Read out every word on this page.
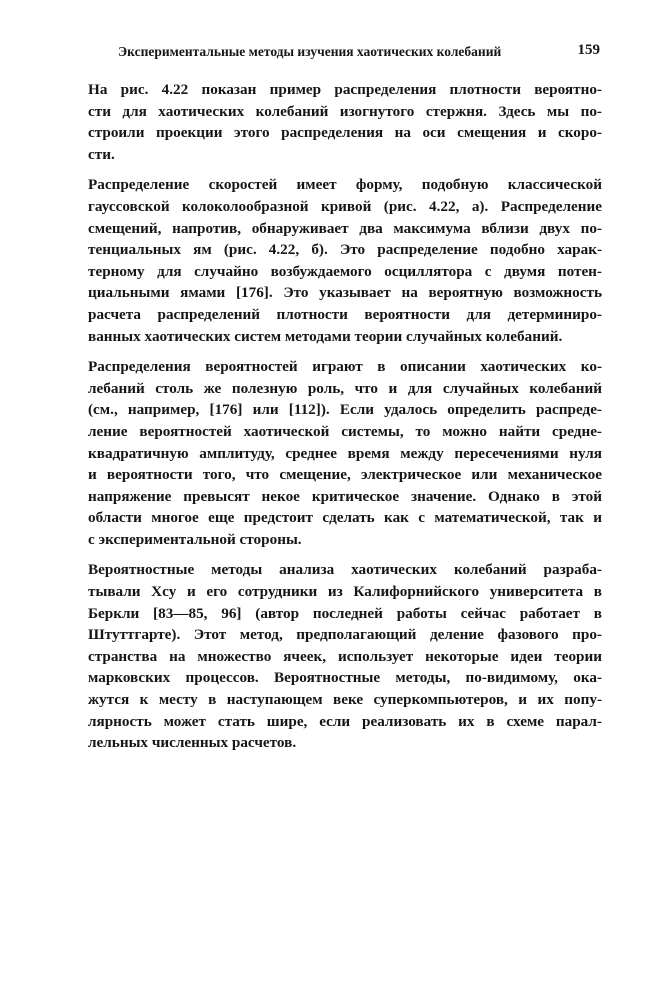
Экспериментальные методы изучения хаотических колебаний	159

На рис. 4.22 показан пример распределения плотности вероятно-
сти для хаотических колебаний изогнутого стержня. Здесь мы по-
строили проекции этого распределения на оси смещения и скоро-
сти.

Распределение скоростей имеет форму, подобную классической
гауссовской колоколообразной кривой (рис. 4.22, а). Распределение
смещений, напротив, обнаруживает два максимума вблизи двух по-
тенциальных ям (рис. 4.22, б). Это распределение подобно харак-
терному для случайно возбуждаемого осциллятора с двумя потен-
циальными ямами [176]. Это указывает на вероятную возможность
расчета распределений плотности вероятности для детерминиро-
ванных хаотических систем методами теории случайных колебаний.

Распределения вероятностей играют в описании хаотических ко-
лебаний столь же полезную роль, что и для случайных колебаний
(см., например, [176] или [112]). Если удалось определить распреде-
ление вероятностей хаотической системы, то можно найти средне-
квадратичную амплитуду, среднее время между пересечениями нуля
и вероятности того, что смещение, электрическое или механическое
напряжение превысят некое критическое значение. Однако в этой
области многое еще предстоит сделать как с математической, так и
с экспериментальной стороны.

Вероятностные методы анализа хаотических колебаний разраба-
тывали Хсу и его сотрудники из Калифорнийского университета в
Беркли [83—85, 96] (автор последней работы сейчас работает в
Штуттгарте). Этот метод, предполагающий деление фазового про-
странства на множество ячеек, использует некоторые идеи теории
марковских процессов. Вероятностные методы, по-видимому, ока-
жутся к месту в наступающем веке суперкомпьютеров, и их попу-
лярность может стать шире, если реализовать их в схеме парал-
лельных численных расчетов.
